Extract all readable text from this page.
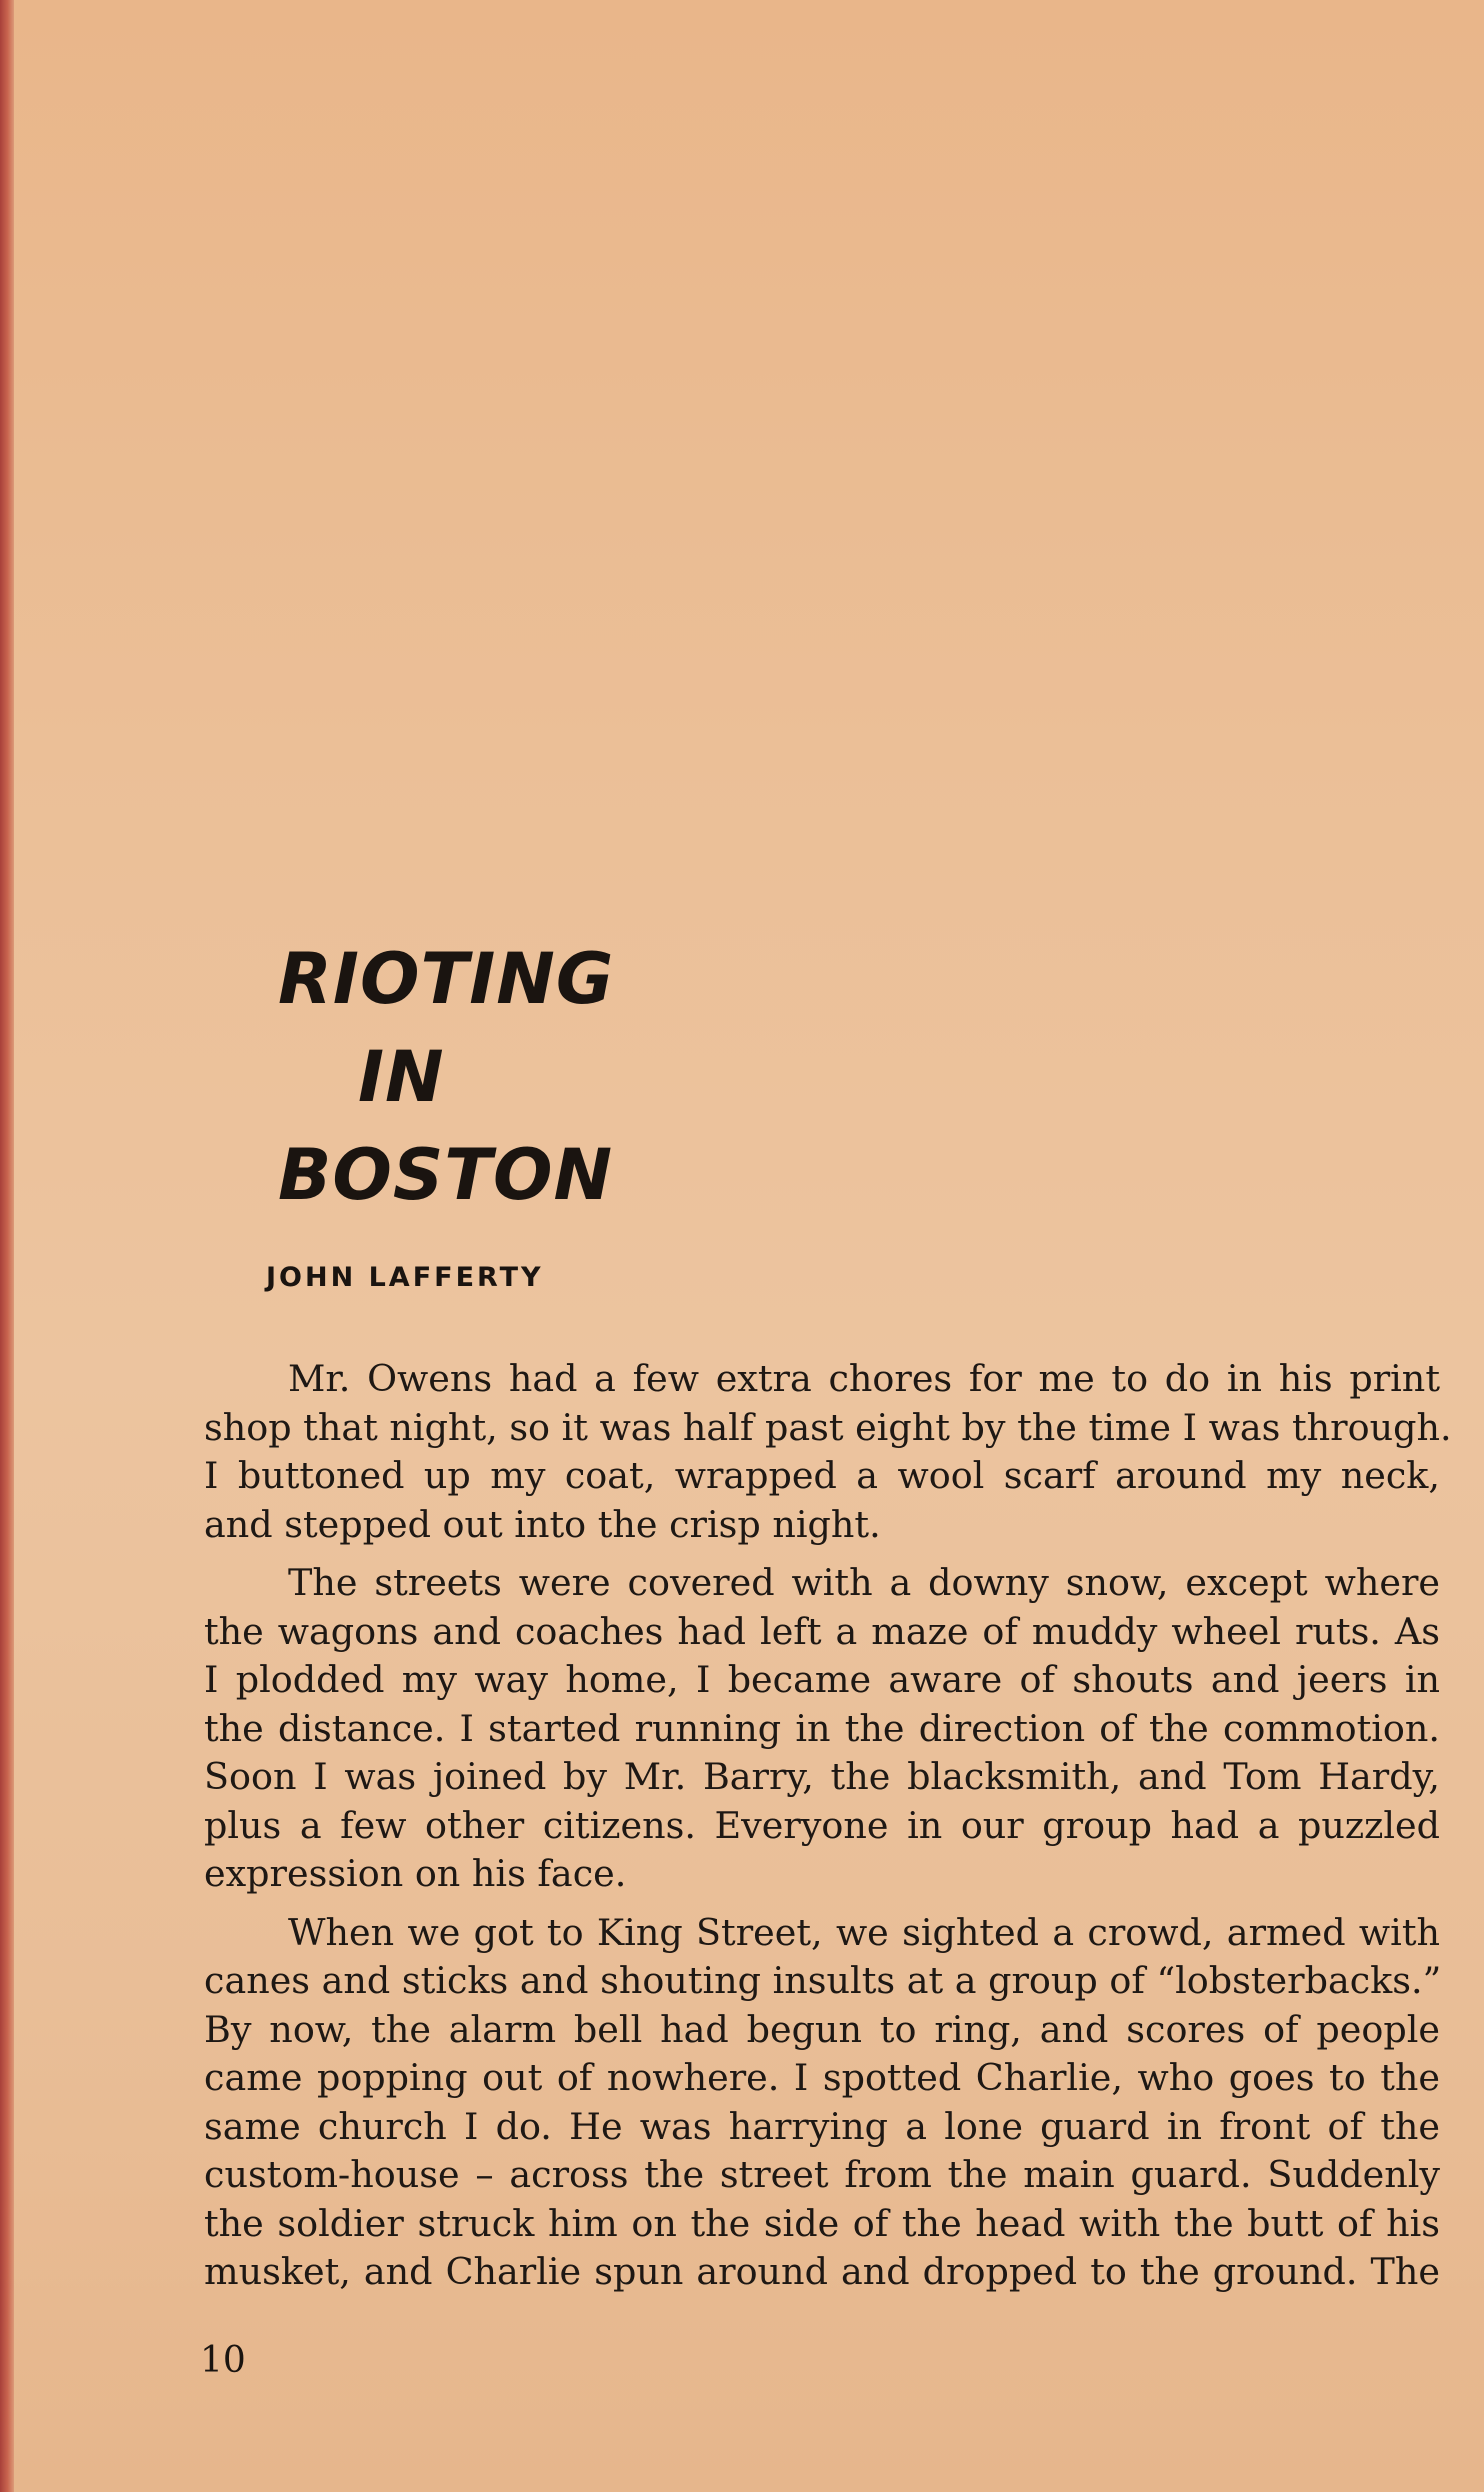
RIOTING
IN
BOSTON
JOHN LAFFERTY

Mr. Owens had a few extra chores for me to do in his print
shop that night, so it was half past eight by the time I was through.
I buttoned up my coat, wrapped a wool scarf around my neck,
and stepped out into the crisp night.

The streets were covered with a downy snow, except where
the wagons and coaches had left a maze of muddy wheel ruts. As
I plodded my way home, I became aware of shouts and jeers in
the distance. I started running in the direction of the commotion.
Soon I was joined by Mr. Barry, the blacksmith, and Tom Hardy,
plus a few other citizens. Everyone in our group had a puzzled
expression on his face.

When we got to King Street, we sighted a crowd, armed with
canes and sticks and shouting insults at a group of “lobsterbacks.”
By now, the alarm bell had begun to ring, and scores of people
came popping out of nowhere. I spotted Charlie, who goes to the
same church I do. He was harrying a lone guard in front of the
custom-house – across the street from the main guard. Suddenly
the soldier struck him on the side of the head with the butt of his
musket, and Charlie spun around and dropped to the ground. The

10
